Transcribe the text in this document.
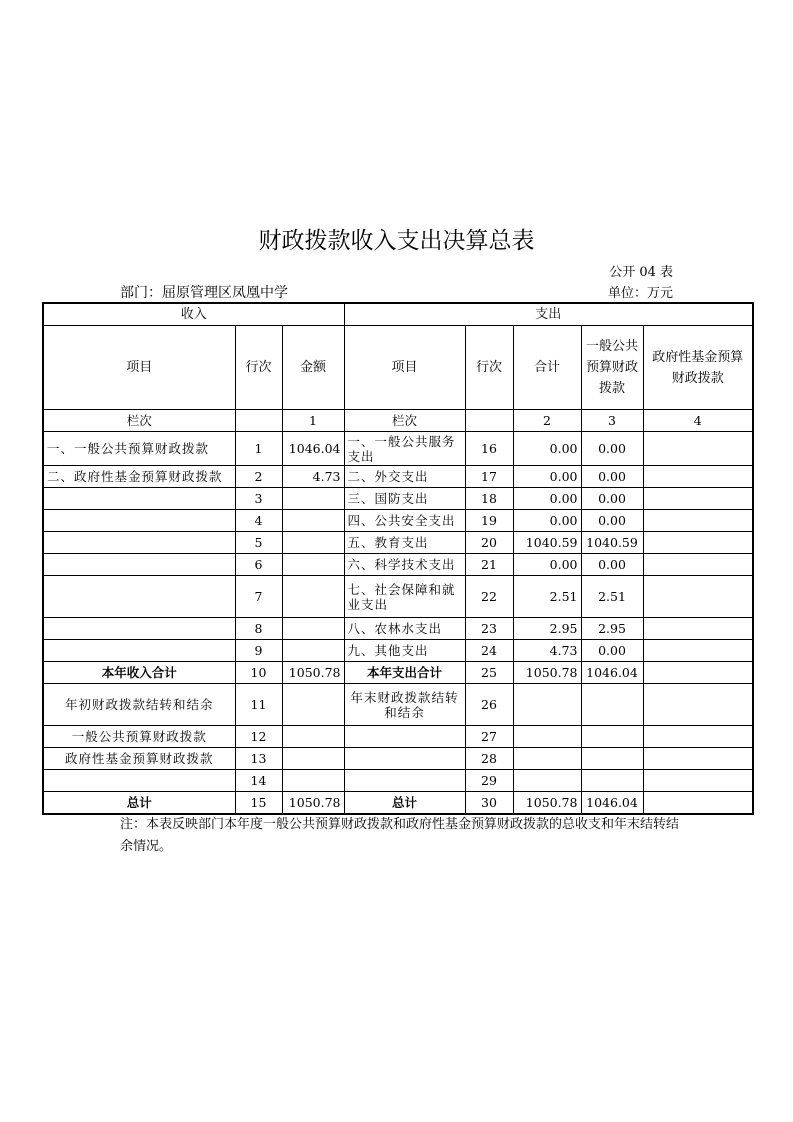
财政拨款收入支出决算总表
公开 04 表
部门：屈原管理区凤凰中学	单位：万元
收入			支出				
项目	行次	金额	项目	行次	合计	一般公共预算财政拨款	政府性基金预算财政拨款
栏次		1	栏次		2	3	4
一、一般公共预算财政拨款	1	1046.04	一、一般公共服务支出	16	0.00	0.00	
二、政府性基金预算财政拨款	2	4.73	二、外交支出	17	0.00	0.00	
	3		三、国防支出	18	0.00	0.00	
	4		四、公共安全支出	19	0.00	0.00	
	5		五、教育支出	20	1040.59	1040.59	
	6		六、科学技术支出	21	0.00	0.00	
	7		七、社会保障和就业支出	22	2.51	2.51	
	8		八、农林水支出	23	2.95	2.95	
	9		九、其他支出	24	4.73	0.00	
本年收入合计	10	1050.78	本年支出合计	25	1050.78	1046.04	
年初财政拨款结转和结余	11		年末财政拨款结转和结余	26			
一般公共预算财政拨款	12			27			
政府性基金预算财政拨款	13			28			
	14			29			
总计	15	1050.78	总计	30	1050.78	1046.04	
注：本表反映部门本年度一般公共预算财政拨款和政府性基金预算财政拨款的总收支和年末结转结余情况。
